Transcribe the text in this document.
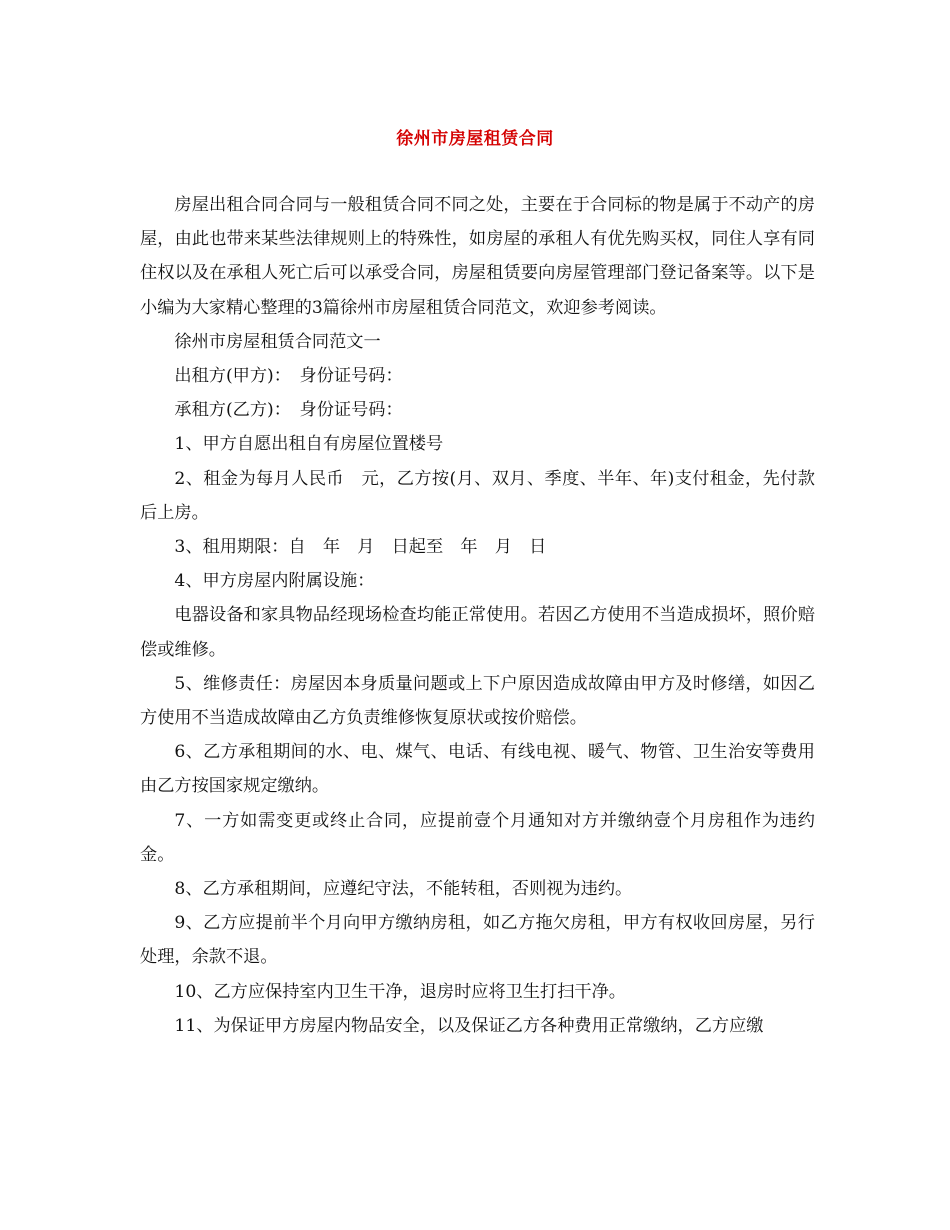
徐州市房屋租赁合同

房屋出租合同合同与一般租赁合同不同之处，主要在于合同标的物是属于不动产的房屋，由此也带来某些法律规则上的特殊性，如房屋的承租人有优先购买权，同住人享有同住权以及在承租人死亡后可以承受合同，房屋租赁要向房屋管理部门登记备案等。以下是小编为大家精心整理的3篇徐州市房屋租赁合同范文，欢迎参考阅读。

徐州市房屋租赁合同范文一

出租方(甲方)：　身份证号码：

承租方(乙方)：　身份证号码：

1、甲方自愿出租自有房屋位置楼号

2、租金为每月人民币　元，乙方按(月、双月、季度、半年、年)支付租金，先付款后上房。

3、租用期限：自　年　月　日起至　年　月　日

4、甲方房屋内附属设施：

电器设备和家具物品经现场检查均能正常使用。若因乙方使用不当造成损坏，照价赔偿或维修。

5、维修责任：房屋因本身质量问题或上下户原因造成故障由甲方及时修缮，如因乙方使用不当造成故障由乙方负责维修恢复原状或按价赔偿。

6、乙方承租期间的水、电、煤气、电话、有线电视、暖气、物管、卫生治安等费用由乙方按国家规定缴纳。

7、一方如需变更或终止合同，应提前壹个月通知对方并缴纳壹个月房租作为违约金。

8、乙方承租期间，应遵纪守法，不能转租，否则视为违约。

9、乙方应提前半个月向甲方缴纳房租，如乙方拖欠房租，甲方有权收回房屋，另行处理，余款不退。

10、乙方应保持室内卫生干净，退房时应将卫生打扫干净。

11、为保证甲方房屋内物品安全，以及保证乙方各种费用正常缴纳，乙方应缴
